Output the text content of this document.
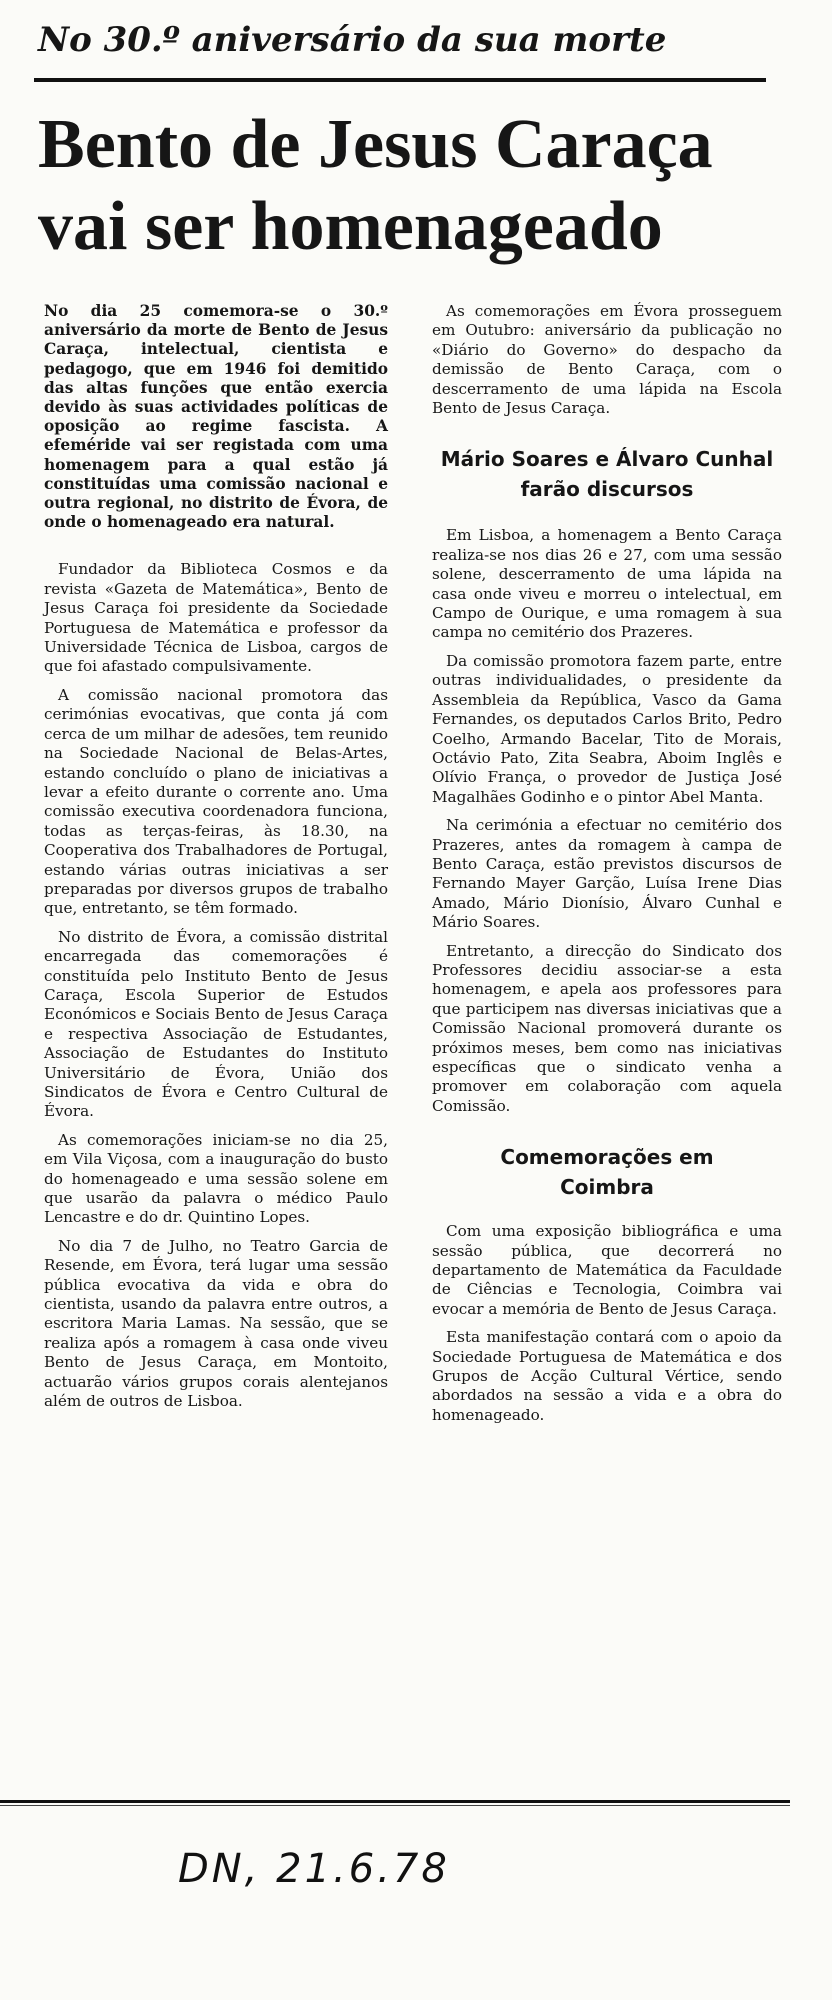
No 30.º aniversário da sua morte
Bento de Jesus Caraça
vai ser homenageado

No dia 25 comemora-se o 30.º aniversário da morte de Bento de Jesus Caraça, intelectual, cientista e pedagogo, que em 1946 foi demitido das altas funções que então exercia devido às suas actividades políticas de oposição ao regime fascista. A efeméride vai ser registada com uma homenagem para a qual estão já constituídas uma comissão nacional e outra regional, no distrito de Évora, de onde o homenageado era natural.

Fundador da Biblioteca Cosmos e da revista «Gazeta de Matemática», Bento de Jesus Caraça foi presidente da Sociedade Portuguesa de Matemática e professor da Universidade Técnica de Lisboa, cargos de que foi afastado compulsivamente.

A comissão nacional promotora das cerimónias evocativas, que conta já com cerca de um milhar de adesões, tem reunido na Sociedade Nacional de Belas-Artes, estando concluído o plano de iniciativas a levar a efeito durante o corrente ano. Uma comissão executiva coordenadora funciona, todas as terças-feiras, às 18.30, na Cooperativa dos Trabalhadores de Portugal, estando várias outras iniciativas a ser preparadas por diversos grupos de trabalho que, entretanto, se têm formado.

No distrito de Évora, a comissão distrital encarregada das comemorações é constituída pelo Instituto Bento de Jesus Caraça, Escola Superior de Estudos Económicos e Sociais Bento de Jesus Caraça e respectiva Associação de Estudantes, Associação de Estudantes do Instituto Universitário de Évora, União dos Sindicatos de Évora e Centro Cultural de Évora.

As comemorações iniciam-se no dia 25, em Vila Viçosa, com a inauguração do busto do homenageado e uma sessão solene em que usarão da palavra o médico Paulo Lencastre e do dr. Quintino Lopes.

No dia 7 de Julho, no Teatro Garcia de Resende, em Évora, terá lugar uma sessão pública evocativa da vida e obra do cientista, usando da palavra entre outros, a escritora Maria Lamas. Na sessão, que se realiza após a romagem à casa onde viveu Bento de Jesus Caraça, em Montoito, actuarão vários grupos corais alentejanos além de outros de Lisboa.

As comemorações em Évora prosseguem em Outubro: aniversário da publicação no «Diário do Governo» do despacho da demissão de Bento Caraça, com o descerramento de uma lápida na Escola Bento de Jesus Caraça.

Mário Soares e Álvaro Cunhal farão discursos

Em Lisboa, a homenagem a Bento Caraça realiza-se nos dias 26 e 27, com uma sessão solene, descerramento de uma lápida na casa onde viveu e morreu o intelectual, em Campo de Ourique, e uma romagem à sua campa no cemitério dos Prazeres.

Da comissão promotora fazem parte, entre outras individualidades, o presidente da Assembleia da República, Vasco da Gama Fernandes, os deputados Carlos Brito, Pedro Coelho, Armando Bacelar, Tito de Morais, Octávio Pato, Zita Seabra, Aboim Inglês e Olívio França, o provedor de Justiça José Magalhães Godinho e o pintor Abel Manta.

Na cerimónia a efectuar no cemitério dos Prazeres, antes da romagem à campa de Bento Caraça, estão previstos discursos de Fernando Mayer Garção, Luísa Irene Dias Amado, Mário Dionísio, Álvaro Cunhal e Mário Soares.

Entretanto, a direcção do Sindicato dos Professores decidiu associar-se a esta homenagem, e apela aos professores para que participem nas diversas iniciativas que a Comissão Nacional promoverá durante os próximos meses, bem como nas iniciativas específicas que o sindicato venha a promover em colaboração com aquela Comissão.

Comemorações em Coimbra

Com uma exposição bibliográfica e uma sessão pública, que decorrerá no departamento de Matemática da Faculdade de Ciências e Tecnologia, Coimbra vai evocar a memória de Bento de Jesus Caraça.

Esta manifestação contará com o apoio da Sociedade Portuguesa de Matemática e dos Grupos de Acção Cultural Vértice, sendo abordados na sessão a vida e a obra do homenageado.

DN, 21.6.78
